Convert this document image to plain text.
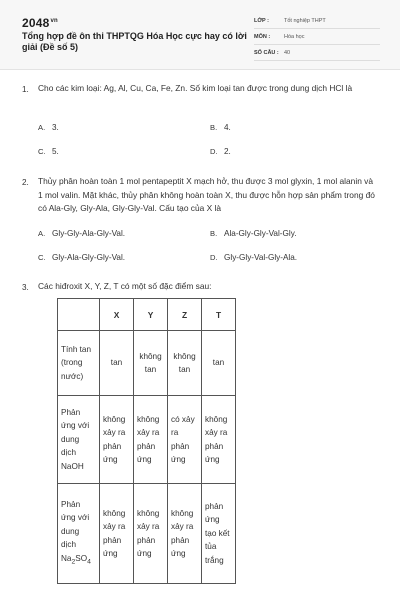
$2048^{vn}$
Tổng hợp đề ôn thi THPTQG Hóa Học cực hay có lời giải (Đề số 5)
LỚP :	Tốt nghiệp THPT
MÔN :	Hóa học
SỐ CÂU : 40
1. Cho các kim loại: Ag, Al, Cu, Ca, Fe, Zn. Số kim loại tan được trong dung dịch HCl là
A. 3.	B. 4.
C. 5.	D. 2.
2. Thủy phân hoàn toàn 1 mol pentapeptit X mạch hở, thu được 3 mol glyxin, 1 mol alanin và 1 mol valin. Mặt khác, thủy phân không hoàn toàn X, thu được hỗn hợp sản phẩm trong đó có Ala-Gly, Gly-Ala, Gly-Gly-Val. Cấu tạo của X là
A. Gly-Gly-Ala-Gly-Val.	B. Ala-Gly-Gly-Val-Gly.
C. Gly-Ala-Gly-Gly-Val.	D. Gly-Gly-Val-Gly-Ala.
3. Các hiđroxit X, Y, Z, T có một số đặc điểm sau:
	X	Y	Z	T

Tính tan (trong nước)	tan	không tan	không tan	tan

Phản ứng với dung dịch NaOH	không xảy ra phản ứng	không xảy ra phản ứng	có xảy ra phản ứng	không xảy ra phản ứng

Phản ứng với dung dịch $Na_2SO_4$	không xảy ra phản ứng	không xảy ra phản ứng	không xảy ra phản ứng	phản ứng tạo kết tủa trắng
